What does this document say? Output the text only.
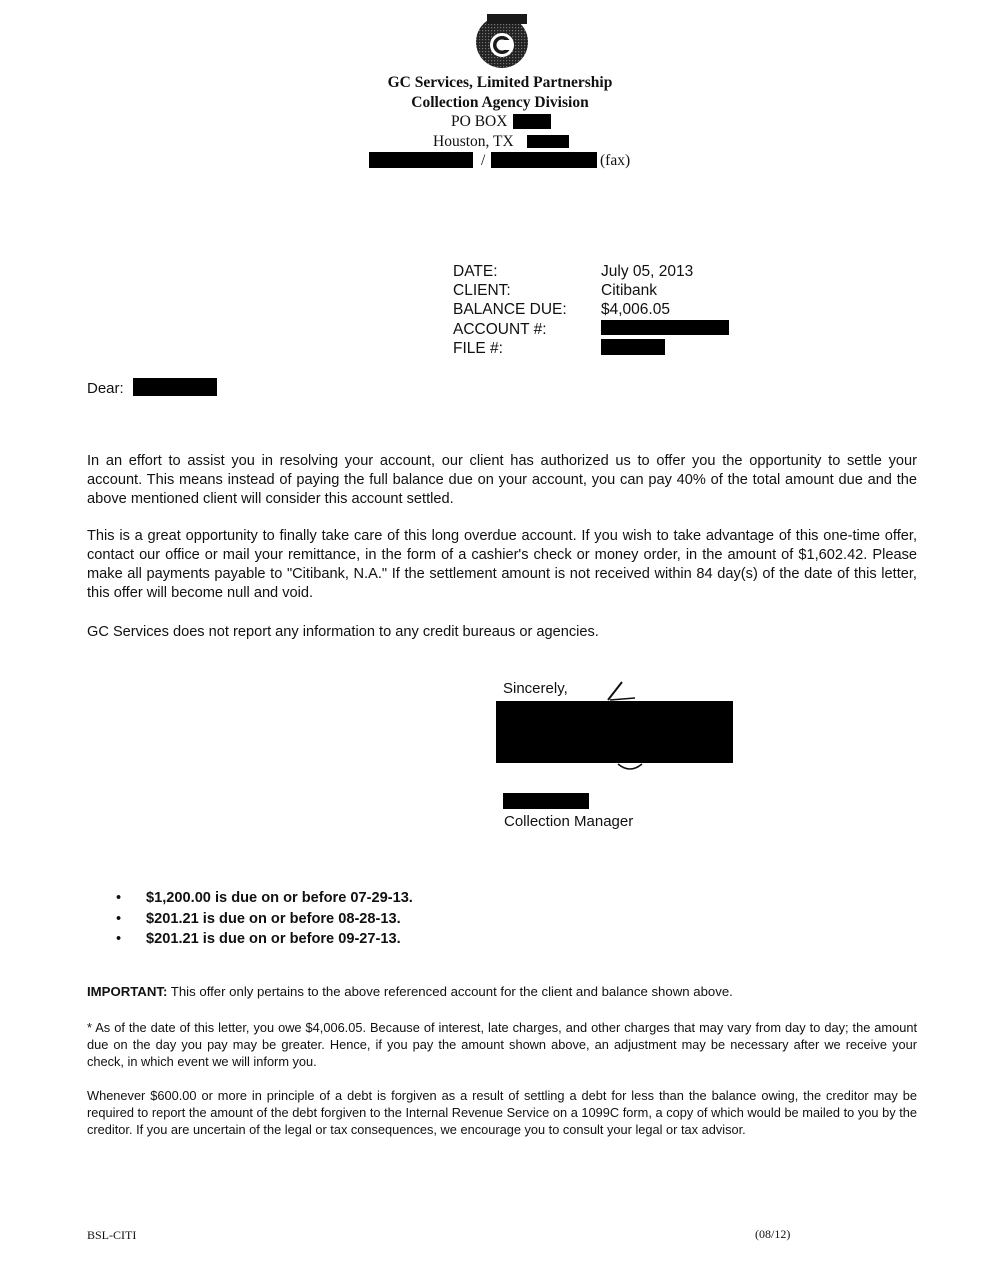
GC Services, Limited Partnership
Collection Agency Division
PO BOX
Houston, TX
/	(fax)
DATE:	July 05, 2013
CLIENT:	Citibank
BALANCE DUE: $4,006.05
ACCOUNT #:
FILE #:
Dear:
In an effort to assist you in resolving your account, our client has authorized us to offer you the opportunity to settle your account. This means instead of paying the full balance due on your account, you can pay 40% of the total amount due and the above mentioned client will consider this account settled.
This is a great opportunity to finally take care of this long overdue account. If you wish to take advantage of this one-time offer, contact our office or mail your remittance, in the form of a cashier's check or money order, in the amount of $1,602.42. Please make all payments payable to "Citibank, N.A." If the settlement amount is not received within 84 day(s) of the date of this letter, this offer will become null and void.
GC Services does not report any information to any credit bureaus or agencies.
Sincerely,
Collection Manager
• $1,200.00 is due on or before 07-29-13.
• $201.21 is due on or before 08-28-13.
• $201.21 is due on or before 09-27-13.
IMPORTANT: This offer only pertains to the above referenced account for the client and balance shown above.
* As of the date of this letter, you owe $4,006.05. Because of interest, late charges, and other charges that may vary from day to day; the amount due on the day you pay may be greater. Hence, if you pay the amount shown above, an adjustment may be necessary after we receive your check, in which event we will inform you.
Whenever $600.00 or more in principle of a debt is forgiven as a result of settling a debt for less than the balance owing, the creditor may be required to report the amount of the debt forgiven to the Internal Revenue Service on a 1099C form, a copy of which would be mailed to you by the creditor. If you are uncertain of the legal or tax consequences, we encourage you to consult your legal or tax advisor.
BSL-CITI	(08/12)
